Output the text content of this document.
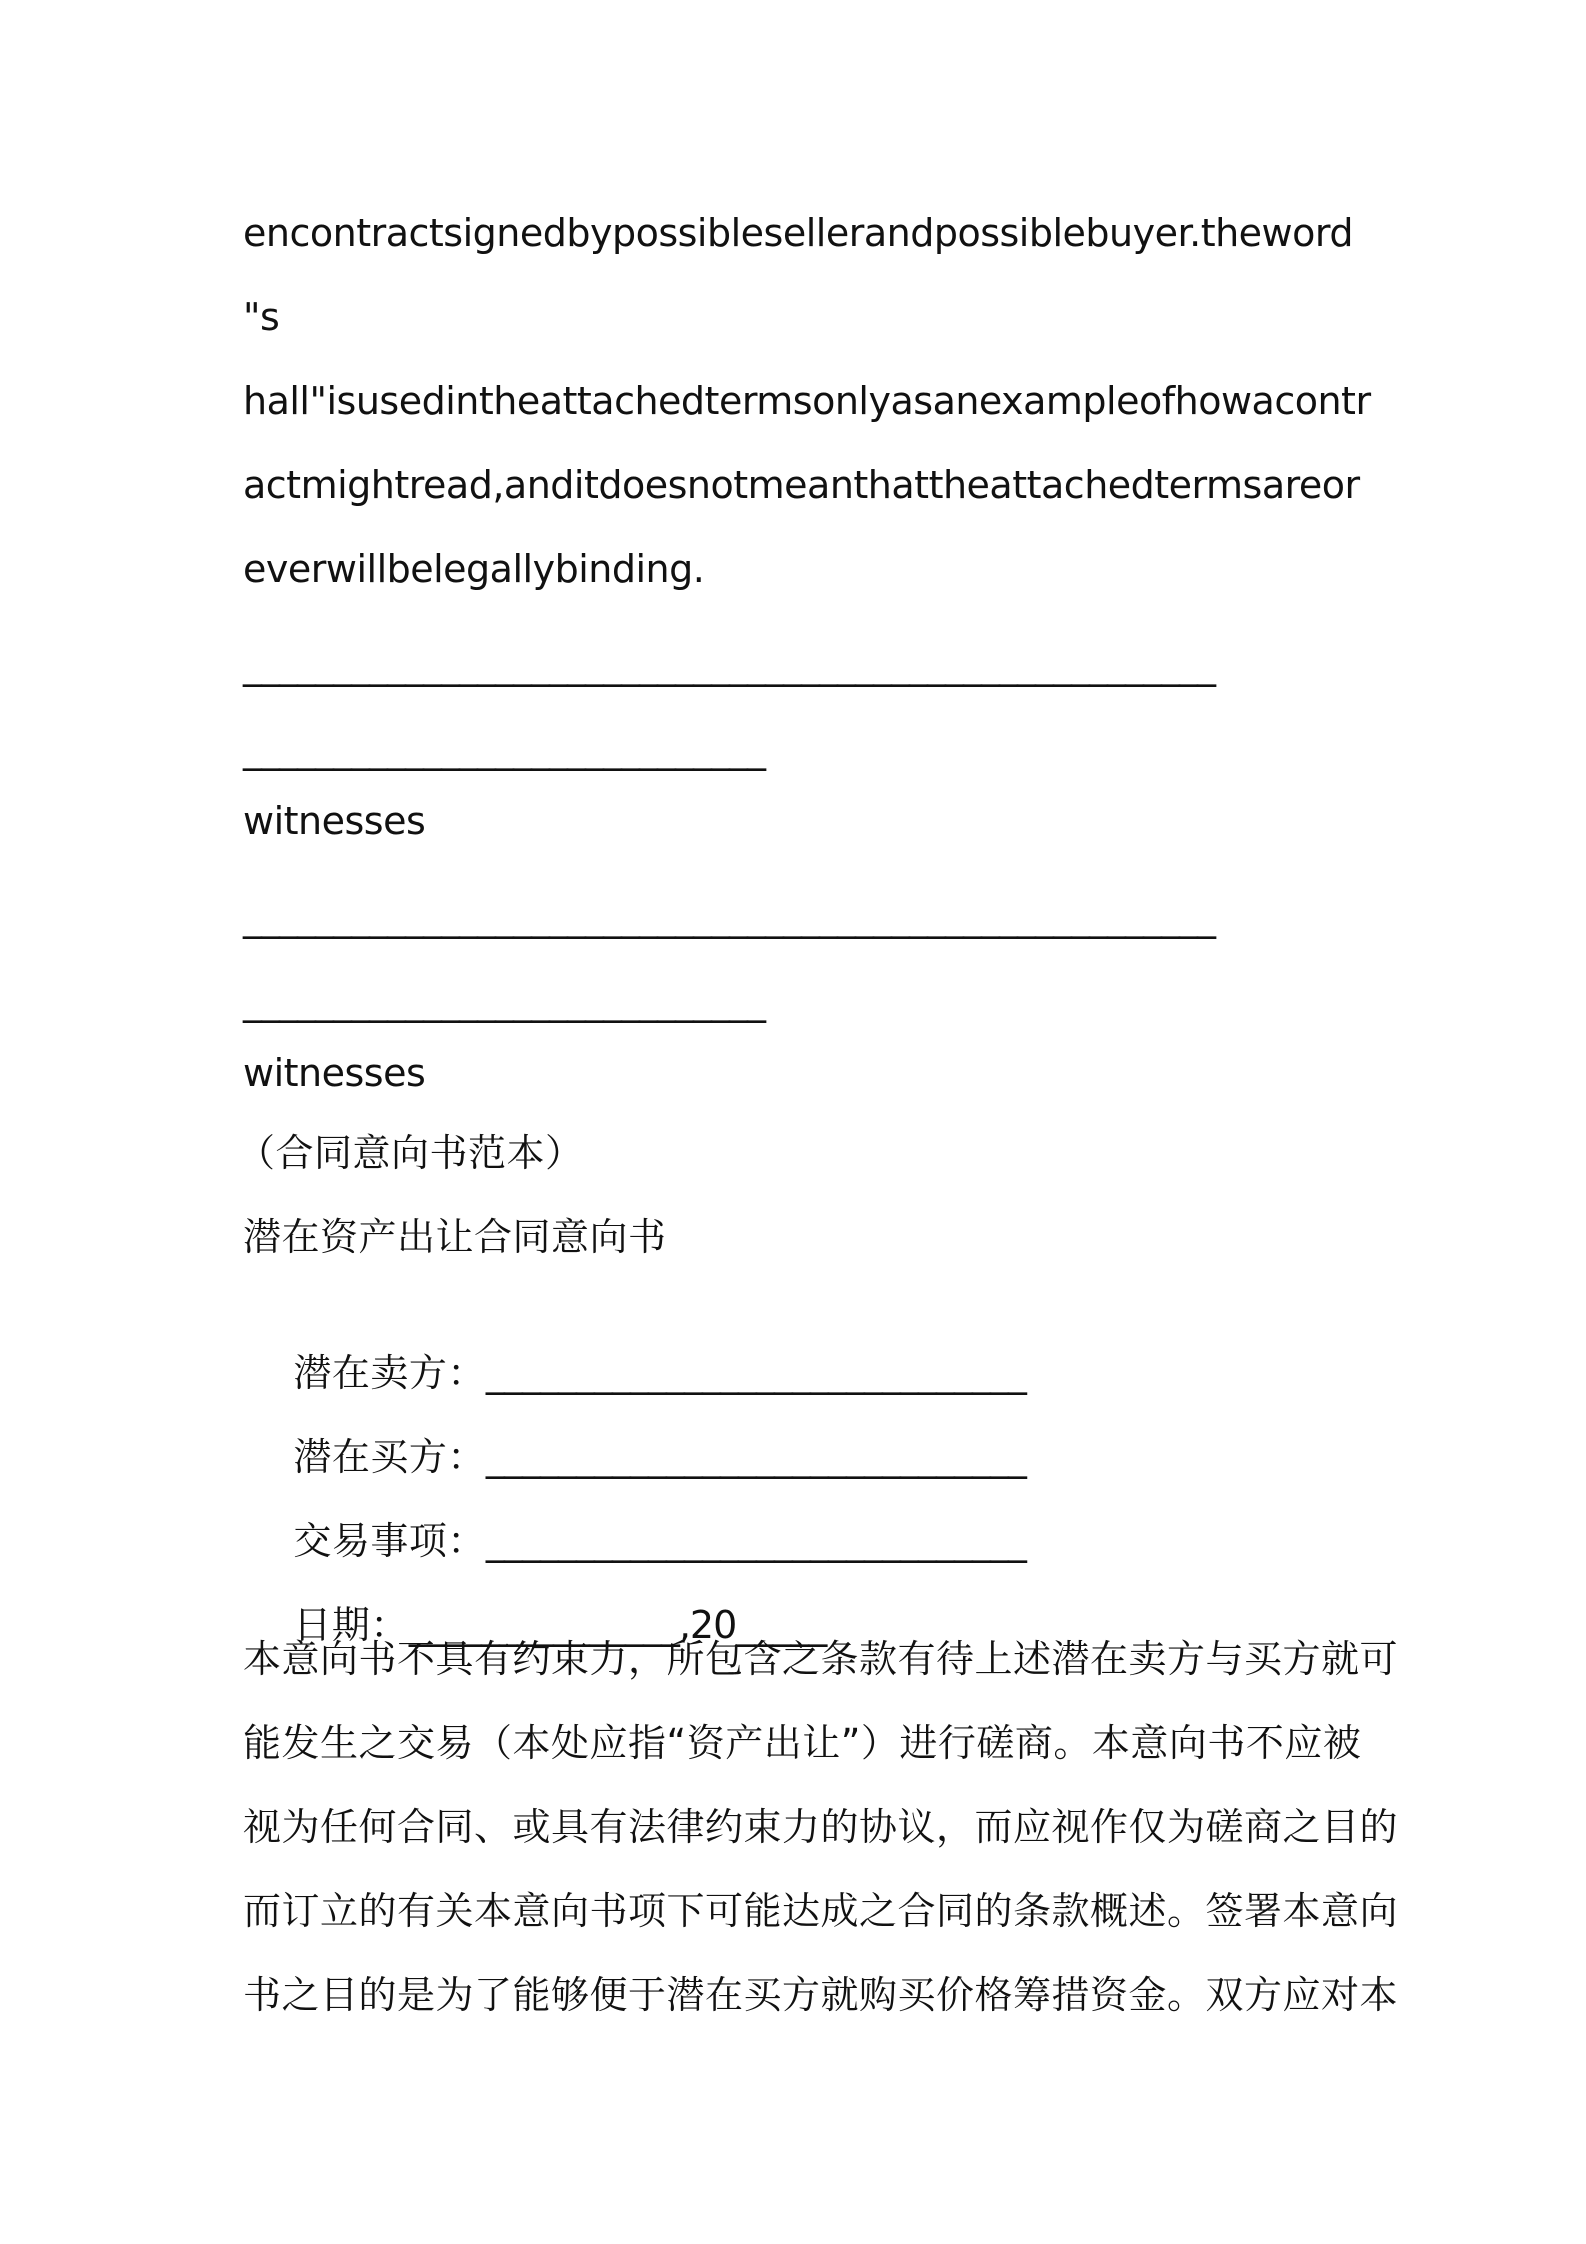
encontractsignedbypossiblesellerandpossiblebuyer.theword
"s
hall"isusedintheattachedtermsonlyasanexampleofhowacontr
actmightread,anditdoesnotmeanthattheattachedtermsareor
everwillbelegallybinding.
______________________________________________________
_____________________________
witnesses
______________________________________________________
_____________________________
witnesses
（合同意向书范本）
潜在资产出让合同意向书

潜在卖方：______________________________

潜在买方：______________________________

交易事项：______________________________

日期：_______________,20_____

本意向书不具有约束力，所包含之条款有待上述潜在卖方与买方就可
能发生之交易（本处应指“资产出让”）进行磋商。本意向书不应被
视为任何合同、或具有法律约束力的协议，而应视作仅为磋商之目的
而订立的有关本意向书项下可能达成之合同的条款概述。签署本意向
书之目的是为了能够便于潜在买方就购买价格筹措资金。双方应对本
